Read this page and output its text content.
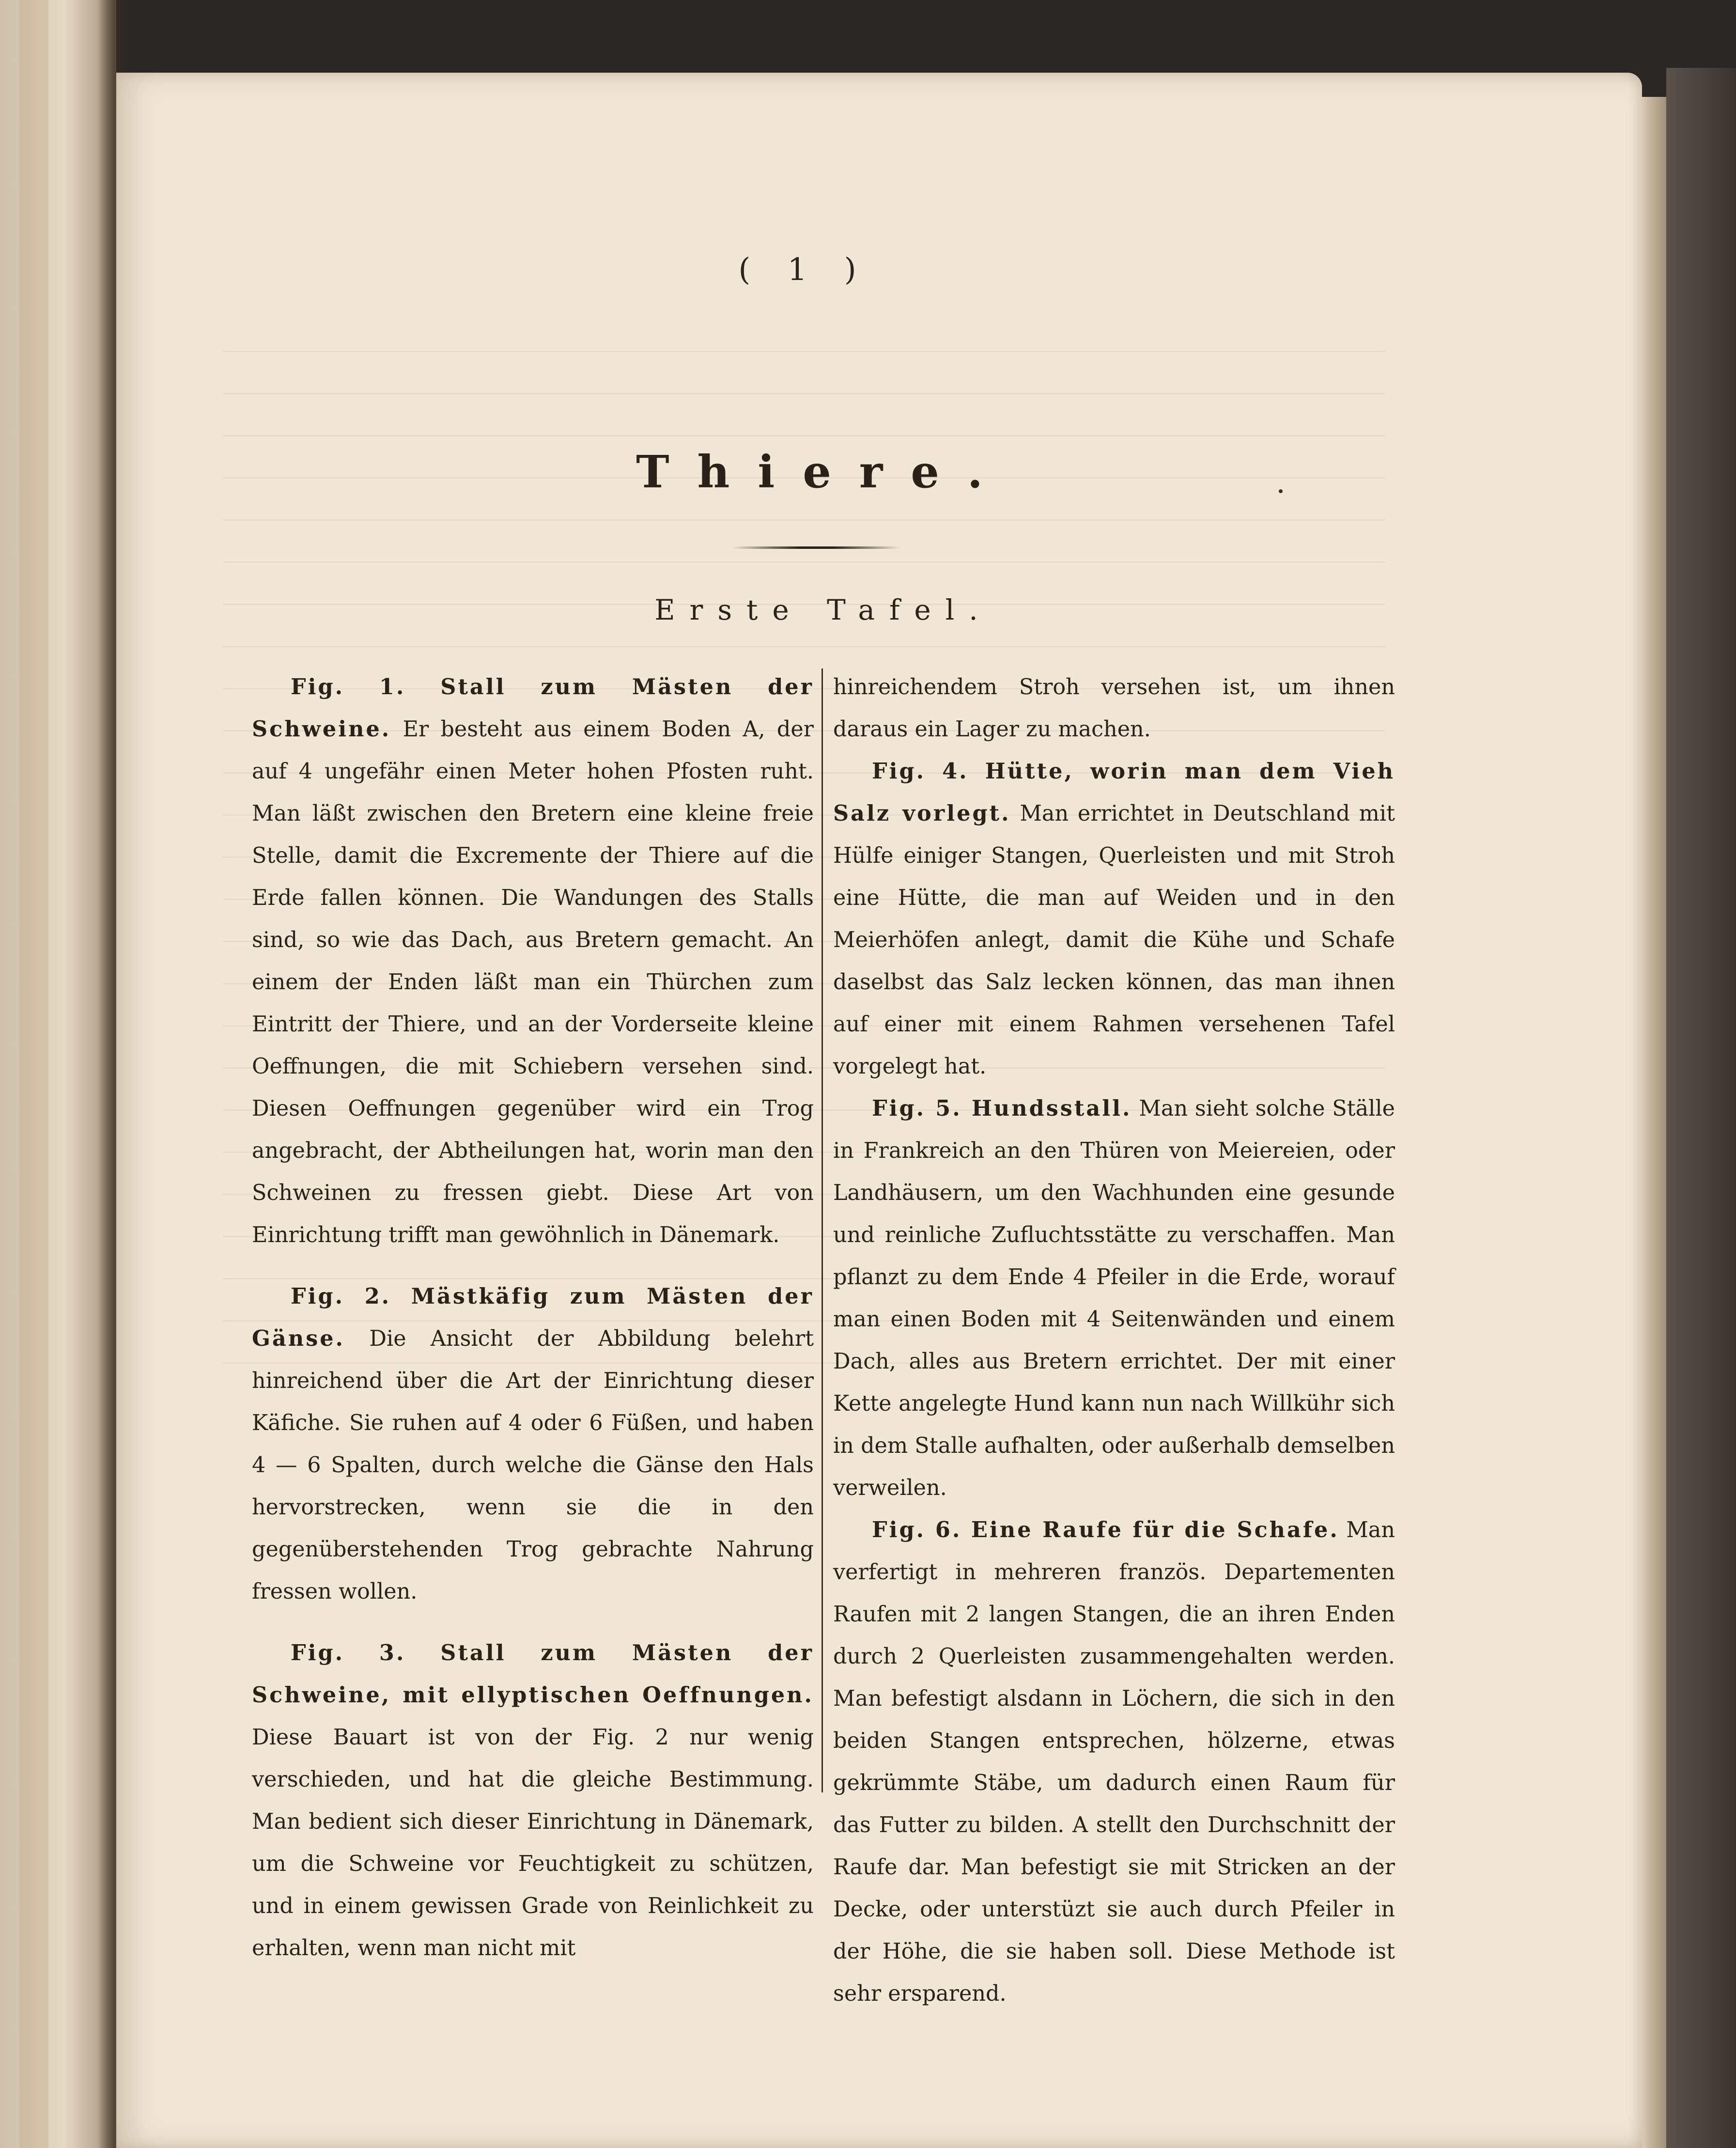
( 1 )
Thiere.
Erste Tafel.

Fig. 1. Stall zum Mästen der Schweine. Er besteht aus einem Boden A, der auf 4 ungefähr einen Meter hohen Pfosten ruht. Man läßt zwischen den Bretern eine kleine freie Stelle, damit die Excremente der Thiere auf die Erde fallen können. Die Wandungen des Stalls sind, so wie das Dach, aus Bretern gemacht. An einem der Enden läßt man ein Thürchen zum Eintritt der Thiere, und an der Vorderseite kleine Oeffnungen, die mit Schiebern versehen sind. Diesen Oeffnungen gegenüber wird ein Trog angebracht, der Abtheilungen hat, worin man den Schweinen zu fressen giebt. Diese Art von Einrichtung trifft man gewöhnlich in Dänemark.

Fig. 2. Mästkäfig zum Mästen der Gänse. Die Ansicht der Abbildung belehrt hinreichend über die Art der Einrichtung dieser Käfiche. Sie ruhen auf 4 oder 6 Füßen, und haben 4 — 6 Spalten, durch welche die Gänse den Hals hervorstrecken, wenn sie die in den gegenüberstehenden Trog gebrachte Nahrung fressen wollen.

Fig. 3. Stall zum Mästen der Schweine, mit ellyptischen Oeffnungen. Diese Bauart ist von der Fig. 2 nur wenig verschieden, und hat die gleiche Bestimmung. Man bedient sich dieser Einrichtung in Dänemark, um die Schweine vor Feuchtigkeit zu schützen, und in einem gewissen Grade von Reinlichkeit zu erhalten, wenn man nicht mit

hinreichendem Stroh versehen ist, um ihnen daraus ein Lager zu machen.

Fig. 4. Hütte, worin man dem Vieh Salz vorlegt. Man errichtet in Deutschland mit Hülfe einiger Stangen, Querleisten und mit Stroh eine Hütte, die man auf Weiden und in den Meierhöfen anlegt, damit die Kühe und Schafe daselbst das Salz lecken können, das man ihnen auf einer mit einem Rahmen versehenen Tafel vorgelegt hat.

Fig. 5. Hundsstall. Man sieht solche Ställe in Frankreich an den Thüren von Meiereien, oder Landhäusern, um den Wachhunden eine gesunde und reinliche Zufluchtsstätte zu verschaffen. Man pflanzt zu dem Ende 4 Pfeiler in die Erde, worauf man einen Boden mit 4 Seitenwänden und einem Dach, alles aus Bretern errichtet. Der mit einer Kette angelegte Hund kann nun nach Willkühr sich in dem Stalle aufhalten, oder außerhalb demselben verweilen.

Fig. 6. Eine Raufe für die Schafe. Man verfertigt in mehreren französ. Departementen Raufen mit 2 langen Stangen, die an ihren Enden durch 2 Querleisten zusammengehalten werden. Man befestigt alsdann in Löchern, die sich in den beiden Stangen entsprechen, hölzerne, etwas gekrümmte Stäbe, um dadurch einen Raum für das Futter zu bilden. A stellt den Durchschnitt der Raufe dar. Man befestigt sie mit Stricken an der Decke, oder unterstüzt sie auch durch Pfeiler in der Höhe, die sie haben soll. Diese Methode ist sehr ersparend.
